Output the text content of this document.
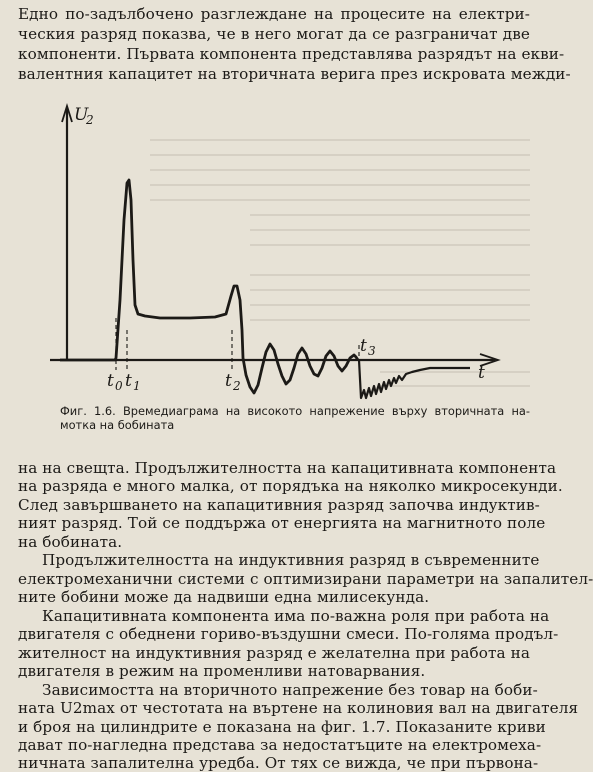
Едно по-задълбочено разглеждане на процесите на електри-
ческия разряд показва, че в него могат да се разграничат две
компоненти. Първата компонента представлява разрядът на екви-
валентния капацитет на вторичната верига през искровата межди-
U
2
t
t 0 t 1	t 2
t 3
Фиг. 1.6. Времедиаграма на високото напрежение върху вторичната на-
мотка на бобината
на на свещта. Продължителността на капацитивната компонента
на разряда е много малка, от порядъка на няколко микросекунди.
След завършването на капацитивния разряд започва индуктив-
ният разряд. Той се поддържа от енергията на магнитното поле
на бобината.
Продължителността на индуктивния разряд в съвременните
електромеханични системи с оптимизирани параметри на запалител-
ните бобини може да надвиши една милисекунда.
Капацитивната компонента има по-важна роля при работа на
двигателя с обеднени горивo-въздушни смеси. По-голяма продъл-
жителност на индуктивния разряд е желателна при работа на
двигателя в режим на променливи натоварвания.
Зависимостта на вторичното напрежение без товар на боби-
ната U2max от честотата на въртене на колиновия вал на двигателя
и броя на цилиндрите е показана на фиг. 1.7. Показаните криви
дават по-нагледна представа за недостатъците на електромеха-
ничната запалителна уредба. От тях се вижда, че при първона-
